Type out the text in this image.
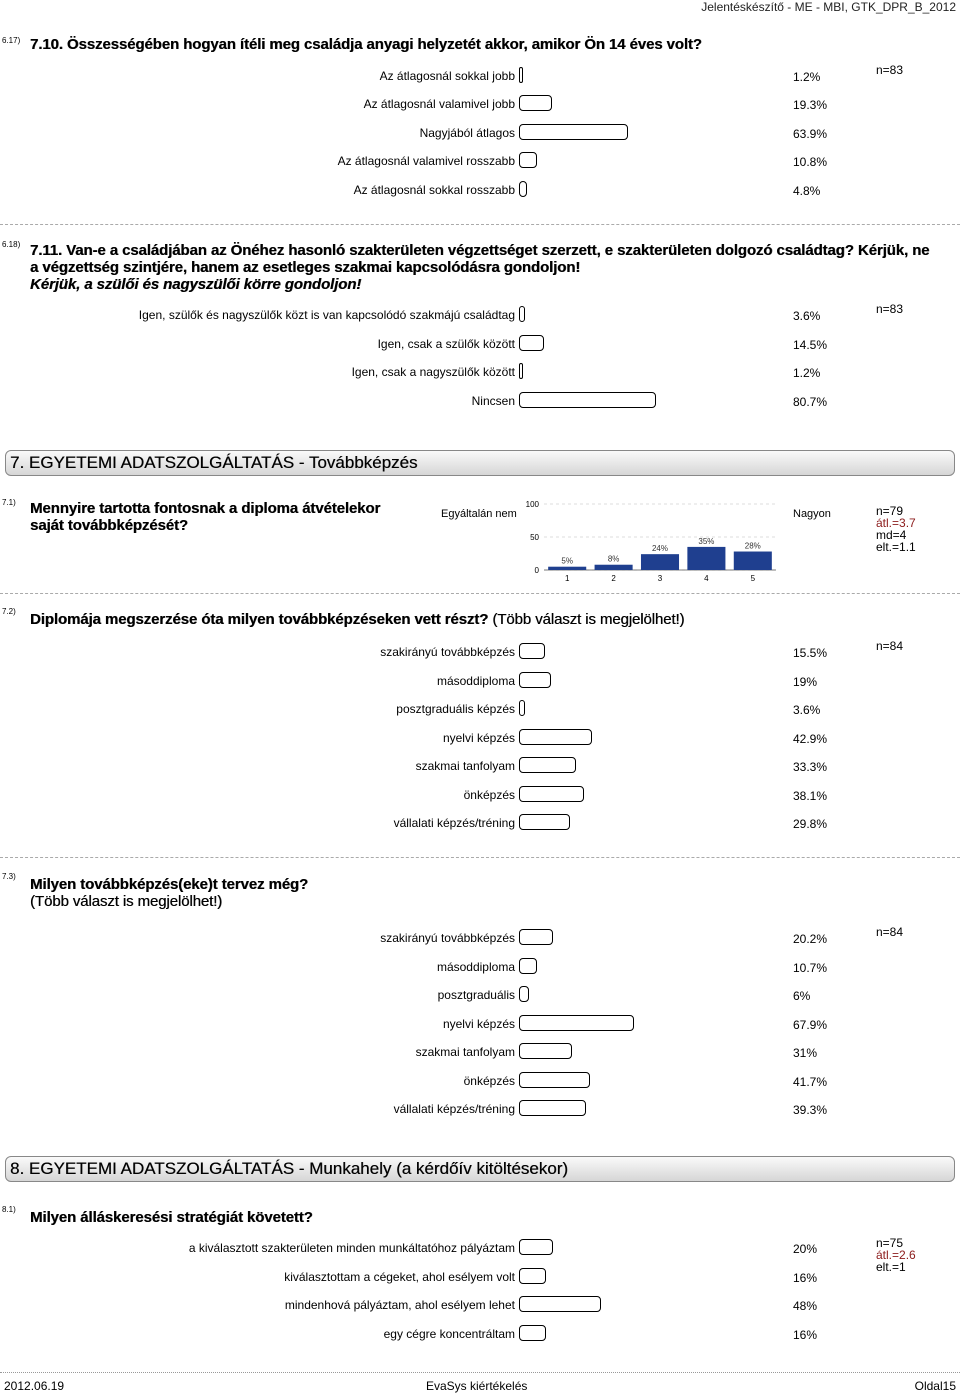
Jelentéskészítő - ME - MBI, GTK_DPR_B_2012
6.17) 7.10. Összességében hogyan ítéli meg családja anyagi helyzetét akkor, amikor Ön 14 éves volt?
n=83
Az átlagosnál sokkal jobb	1.2%
Az átlagosnál valamivel jobb	19.3%
Nagyjából átlagos	63.9%
Az átlagosnál valamivel rosszabb	10.8%
Az átlagosnál sokkal rosszabb	4.8%
6.18) 7.11. Van-e a családjában az Önéhez hasonló szakterületen végzettséget szerzett, e szakterületen dolgozó családtag? Kérjük, ne
a végzettség szintjére, hanem az esetleges szakmai kapcsolódásra gondoljon!
Kérjük, a szülői és nagyszülői körre gondoljon!
n=83
Igen, szülők és nagyszülők közt is van kapcsolódó szakmájú családtag	3.6%
Igen, csak a szülők között	14.5%
Igen, csak a nagyszülők között	1.2%
Nincsen	80.7%
7. EGYETEMI ADATSZOLGÁLTATÁS - Továbbképzés
7.1) Mennyire tartotta fontosnak a diploma átvételekor
saját továbbképzését?
Egyáltalán nem	Nagyon	n=79
átl.=3.7
md=4
elt.=1.1
0
50
100
5%
1
8%
2
24%
3
35%
4
28%
5
7.2) Diplomája megszerzése óta milyen továbbképzéseken vett részt? (Több választ is megjelölhet!)
n=84
szakirányú továbbképzés	15.5%
másoddiploma	19%
posztgraduális képzés	3.6%
nyelvi képzés	42.9%
szakmai tanfolyam	33.3%
önképzés	38.1%
vállalati képzés/tréning	29.8%
7.3) Milyen továbbképzés(eke)t tervez még?
(Több választ is megjelölhet!)
n=84
szakirányú továbbképzés	20.2%
másoddiploma	10.7%
posztgraduális	6%
nyelvi képzés	67.9%
szakmai tanfolyam	31%
önképzés	41.7%
vállalati képzés/tréning	39.3%
8. EGYETEMI ADATSZOLGÁLTATÁS - Munkahely (a kérdőív kitöltésekor)
8.1) Milyen álláskeresési stratégiát követett?
n=75
átl.=2.6
elt.=1
a kiválasztott szakterületen minden munkáltatóhoz pályáztam	20%
kiválasztottam a cégeket, ahol esélyem volt	16%
mindenhová pályáztam, ahol esélyem lehet	48%
egy cégre koncentráltam	16%
2012.06.19	EvaSys kiértékelés	Oldal15
